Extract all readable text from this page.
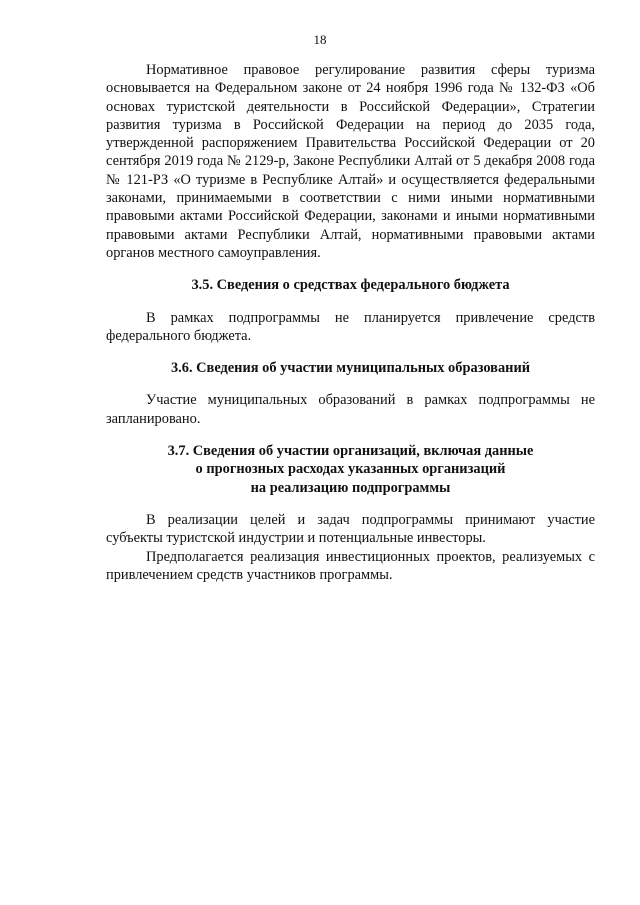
18

Нормативное правовое регулирование развития сферы туризма основывается на Федеральном законе от 24 ноября 1996 года № 132-ФЗ «Об основах туристской деятельности в Российской Федерации», Стратегии развития туризма в Российской Федерации на период до 2035 года, утвержденной распоряжением Правительства Российской Федерации от 20 сентября 2019 года № 2129-р, Законе Республики Алтай от 5 декабря 2008 года № 121-РЗ «О туризме в Республике Алтай» и осуществляется федеральными законами, принимаемыми в соответствии с ними иными нормативными правовыми актами Российской Федерации, законами и иными нормативными правовыми актами Республики Алтай, нормативными правовыми актами органов местного самоуправления.

3.5. Сведения о средствах федерального бюджета

В рамках подпрограммы не планируется привлечение средств федерального бюджета.

3.6. Сведения об участии муниципальных образований

Участие муниципальных образований в рамках подпрограммы не запланировано.

3.7. Сведения об участии организаций, включая данные
о прогнозных расходах указанных организаций
на реализацию подпрограммы

В реализации целей и задач подпрограммы принимают участие субъекты туристской индустрии и потенциальные инвесторы.

Предполагается реализация инвестиционных проектов, реализуемых с привлечением средств участников программы.
